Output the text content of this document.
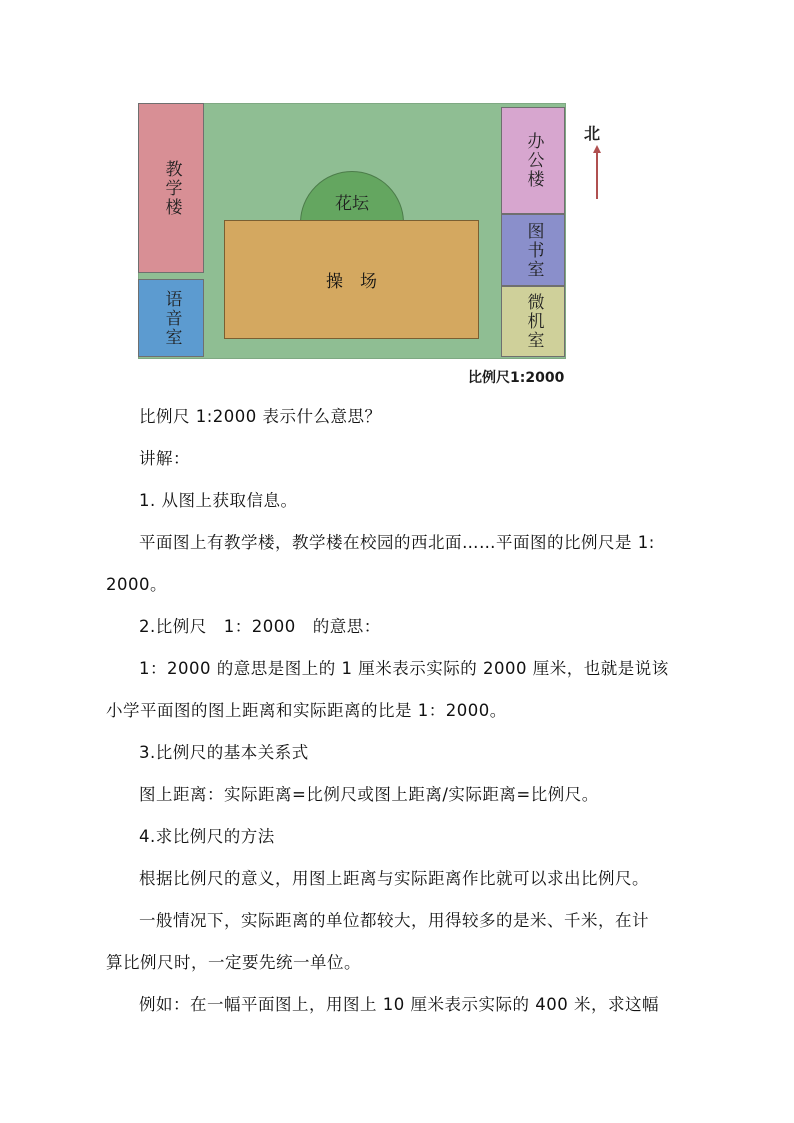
教学楼
语音室
花坛
操　场
办公楼
图书室
微机室
北
比例尺1:2000
比例尺 1:2000 表示什么意思？
讲解：
1. 从图上获取信息。
平面图上有教学楼，教学楼在校园的西北面……平面图的比例尺是 1:
2000。
2.比例尺　1：2000　的意思：
1：2000 的意思是图上的 1 厘米表示实际的 2000 厘米，也就是说该
小学平面图的图上距离和实际距离的比是 1：2000。
3.比例尺的基本关系式
图上距离：实际距离=比例尺或图上距离/实际距离=比例尺。
4.求比例尺的方法
根据比例尺的意义，用图上距离与实际距离作比就可以求出比例尺。
一般情况下，实际距离的单位都较大，用得较多的是米、千米，在计
算比例尺时，一定要先统一单位。
例如：在一幅平面图上，用图上 10 厘米表示实际的 400 米，求这幅
